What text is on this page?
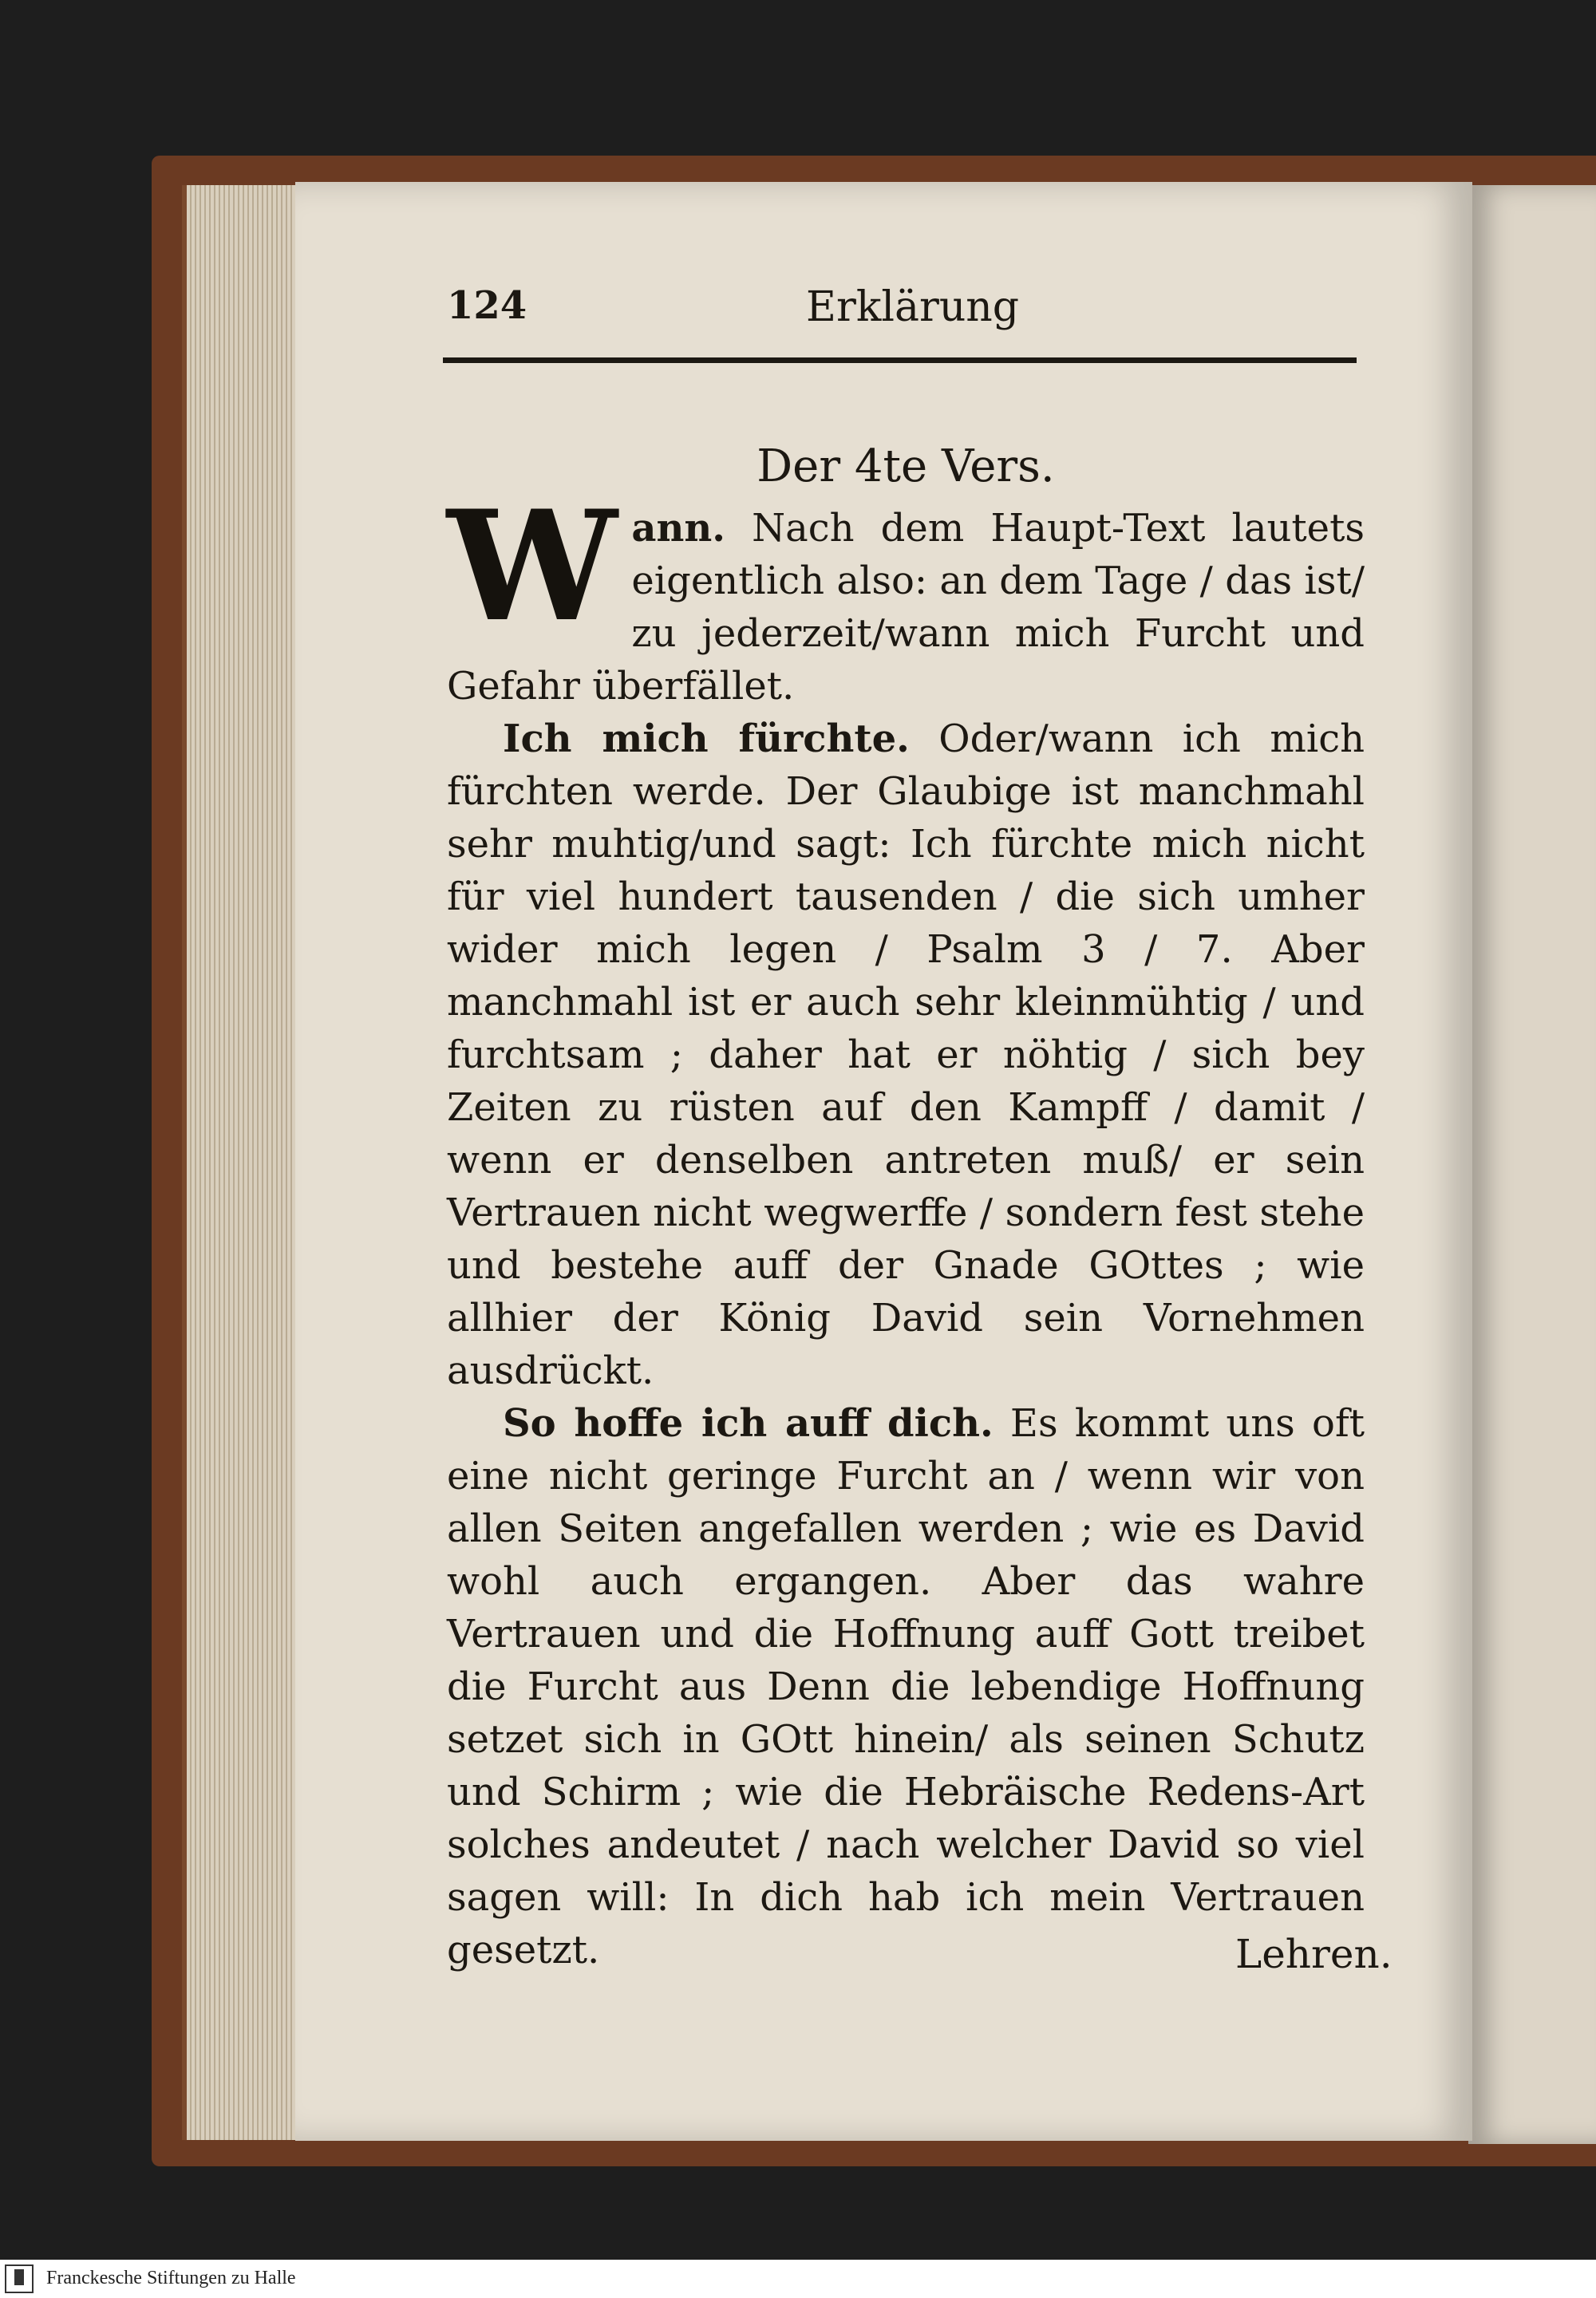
124	Erklärung
Der 4te Vers.

Wann. Nach dem Haupt-Text lautets eigentlich also: an dem Tage / das ist/ zu jederzeit/wann mich Furcht und Gefahr überfället.

Ich mich fürchte. Oder/wann ich mich fürchten werde. Der Glaubige ist manchmahl sehr muhtig/und sagt: Ich fürchte mich nicht für viel hundert tausenden / die sich umher wider mich legen / Psalm 3 / 7. Aber manchmahl ist er auch sehr kleinmühtig / und furchtsam ; daher hat er nöhtig / sich bey Zeiten zu rüsten auf den Kampff / damit / wenn er denselben antreten muß/ er sein Vertrauen nicht wegwerffe / sondern fest stehe und bestehe auff der Gnade GOttes ; wie allhier der König David sein Vornehmen ausdrückt.

So hoffe ich auff dich. Es kommt uns oft eine nicht geringe Furcht an / wenn wir von allen Seiten angefallen werden ; wie es David wohl auch ergangen. Aber das wahre Vertrauen und die Hoffnung auff Gott treibet die Furcht aus Denn die lebendige Hoffnung setzet sich in GOtt hinein/ als seinen Schutz und Schirm ; wie die Hebräische Redens-Art solches andeutet / nach welcher David so viel sagen will: In dich hab ich mein Vertrauen gesetzt.	Lehren.
Franckesche Stiftungen zu Halle
